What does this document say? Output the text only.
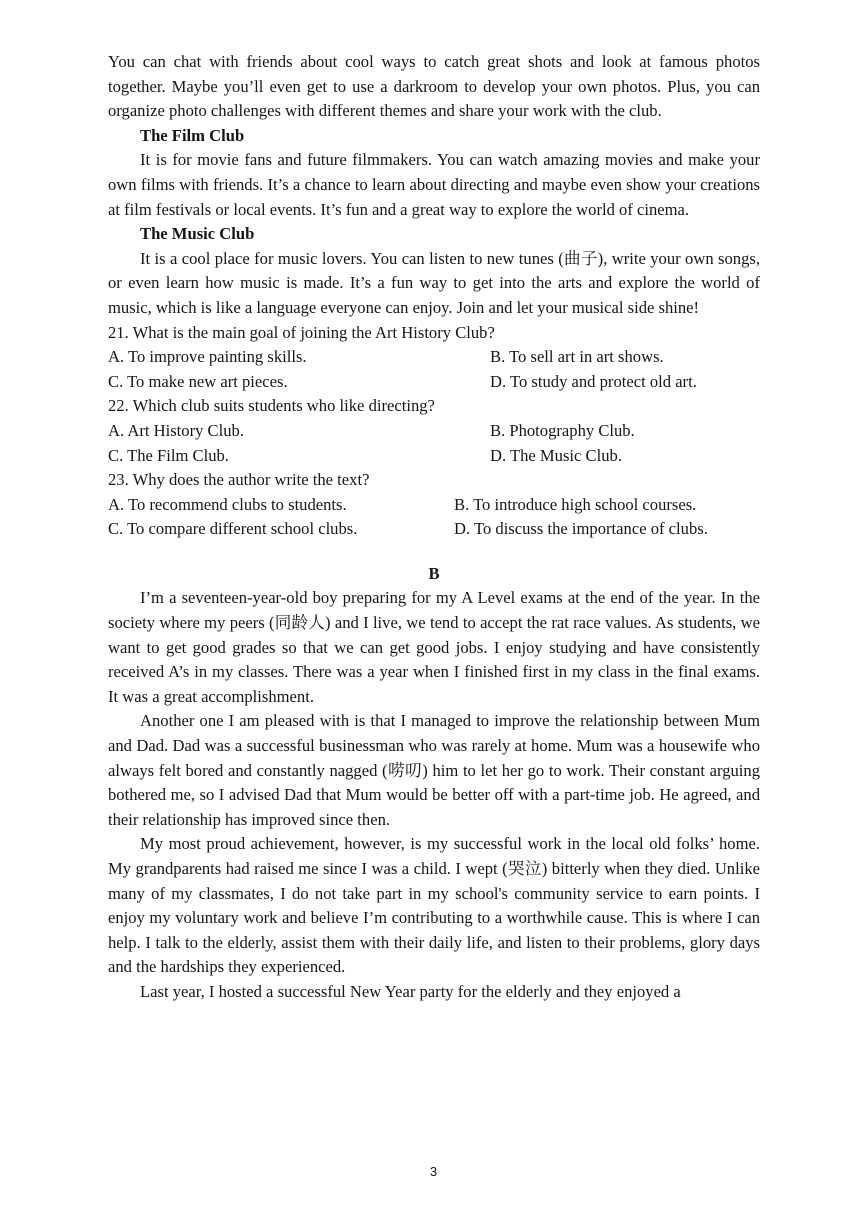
You can chat with friends about cool ways to catch great shots and look at famous photos together. Maybe you’ll even get to use a darkroom to develop your own photos. Plus, you can organize photo challenges with different themes and share your work with the club.

The Film Club

It is for movie fans and future filmmakers. You can watch amazing movies and make your own films with friends. It’s a chance to learn about directing and maybe even show your creations at film festivals or local events. It’s fun and a great way to explore the world of cinema.

The Music Club

It is a cool place for music lovers. You can listen to new tunes (曲子), write your own songs, or even learn how music is made. It’s a fun way to get into the arts and explore the world of music, which is like a language everyone can enjoy. Join and let your musical side shine!

21. What is the main goal of joining the Art History Club?

A. To improve painting skills.	B. To sell art in art shows.
C. To make new art pieces.	D. To study and protect old art.

22. Which club suits students who like directing?

A. Art History Club.	B. Photography Club.
C. The Film Club.	D. The Music Club.

23. Why does the author write the text?

A. To recommend clubs to students.	B. To introduce high school courses.
C. To compare different school clubs.	D. To discuss the importance of clubs.

B

I’m a seventeen-year-old boy preparing for my A Level exams at the end of the year. In the society where my peers (同龄人) and I live, we tend to accept the rat race values. As students, we want to get good grades so that we can get good jobs. I enjoy studying and have consistently received A’s in my classes. There was a year when I finished first in my class in the final exams. It was a great accomplishment.

Another one I am pleased with is that I managed to improve the relationship between Mum and Dad. Dad was a successful businessman who was rarely at home. Mum was a housewife who always felt bored and constantly nagged (唠叨) him to let her go to work. Their constant arguing bothered me, so I advised Dad that Mum would be better off with a part-time job. He agreed, and their relationship has improved since then.

My most proud achievement, however, is my successful work in the local old folks’ home. My grandparents had raised me since I was a child. I wept (哭泣) bitterly when they died. Unlike many of my classmates, I do not take part in my school's community service to earn points. I enjoy my voluntary work and believe I’m contributing to a worthwhile cause. This is where I can help. I talk to the elderly, assist them with their daily life, and listen to their problems, glory days and the hardships they experienced.

Last year, I hosted a successful New Year party for the elderly and they enjoyed a

3
